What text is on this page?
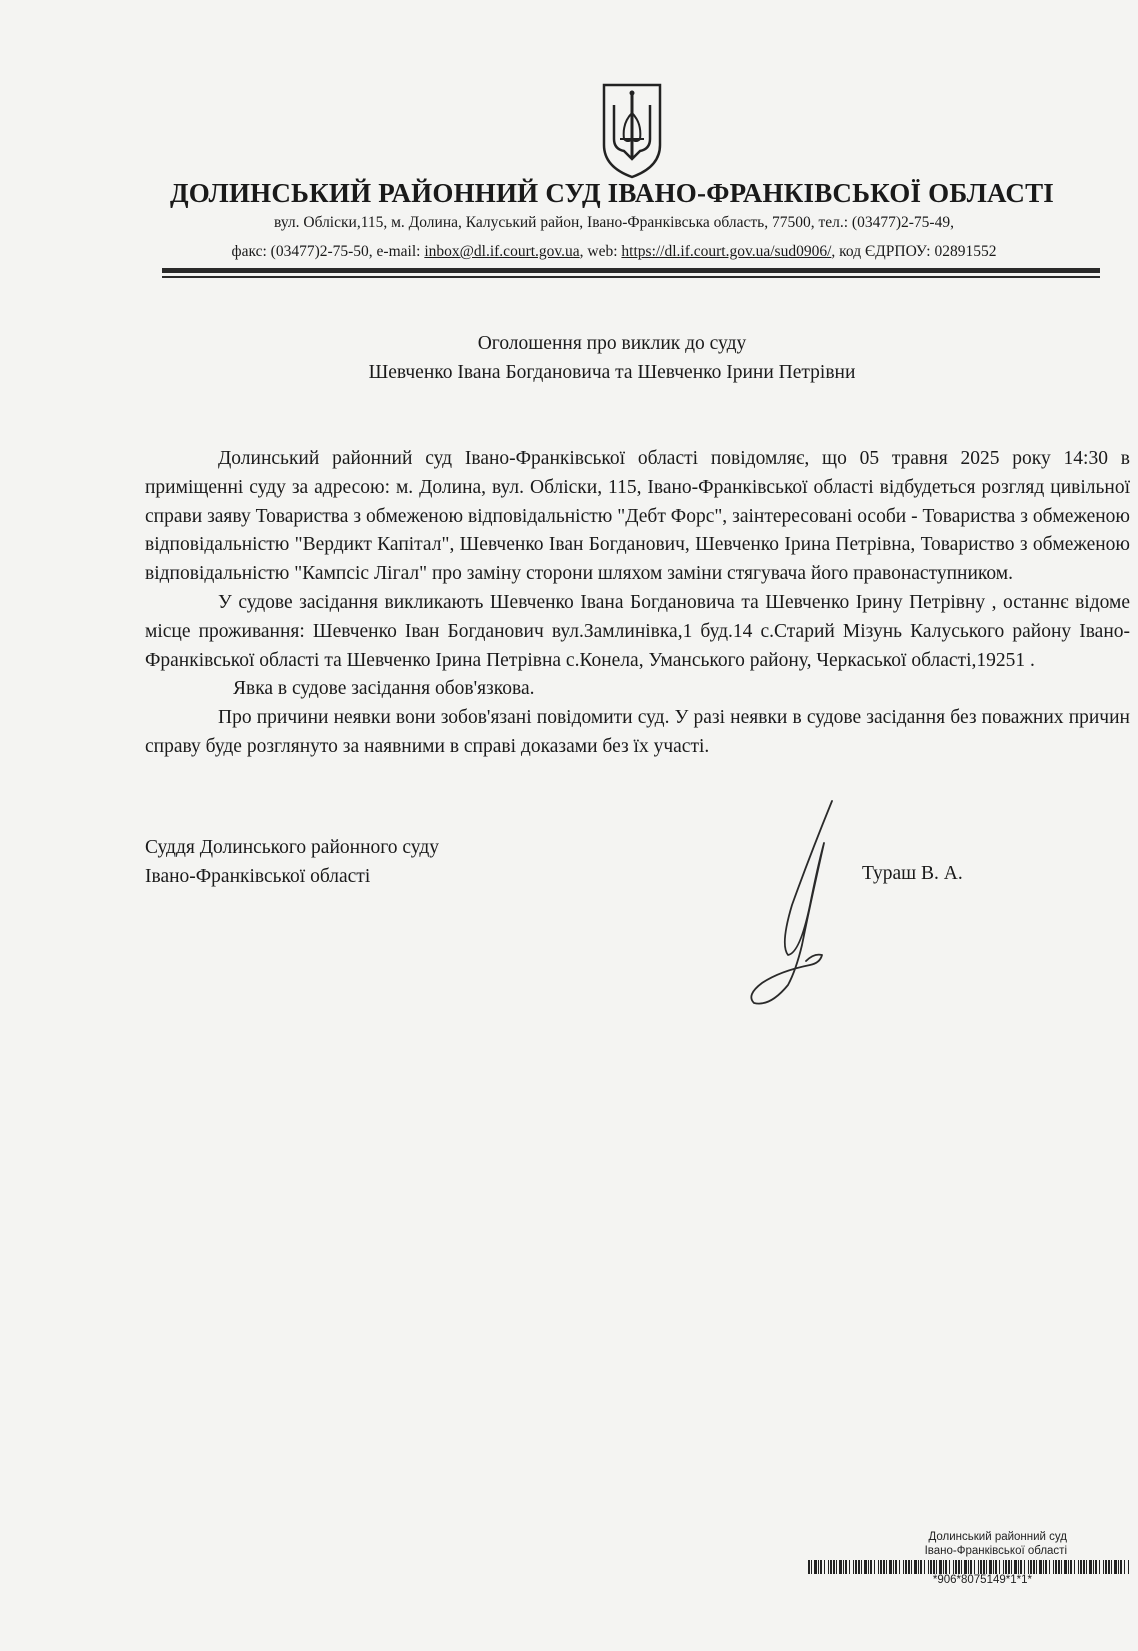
ДОЛИНСЬКИЙ РАЙОННИЙ СУД ІВАНО-ФРАНКІВСЬКОЇ ОБЛАСТІ
вул. Обліски,115, м. Долина, Калуський район, Івано-Франківська область, 77500, тел.: (03477)2-75-49,
факс: (03477)2-75-50, e-mail: inbox@dl.if.court.gov.ua, web: https://dl.if.court.gov.ua/sud0906/, код ЄДРПОУ: 02891552
Оголошення про виклик до суду
Шевченко Івана Богдановича та Шевченко Ірини Петрівни

Долинський районний суд Івано-Франківської області повідомляє, що 05 травня 2025 року 14:30 в приміщенні суду за адресою: м. Долина, вул. Обліски, 115, Івано-Франківської області відбудеться розгляд цивільної справи заяву Товариства з обмеженою відповідальністю "Дебт Форс", заінтересовані особи - Товариства з обмеженою відповідальністю "Вердикт Капітал", Шевченко Іван Богданович, Шевченко Ірина Петрівна, Товариство з обмеженою відповідальністю "Кампсіс Лігал" про заміну сторони шляхом заміни стягувача його правонаступником.

У судове засідання викликають Шевченко Івана Богдановича та Шевченко Ірину Петрівну , останнє відоме місце проживання: Шевченко Іван Богданович вул.Замлинівка,1 буд.14 с.Старий Мізунь Калуського району Івано-Франківської області та Шевченко Ірина Петрівна с.Конела, Уманського району, Черкаської області,19251 .

Явка в судове засідання обов'язкова.

Про причини неявки вони зобов'язані повідомити суд. У разі неявки в судове засідання без поважних причин справу буде розглянуто за наявними в справі доказами без їх участі.

Суддя Долинського районного суду
Івано-Франківської області	Тураш В. А.
Долинський районний суд
Івано-Франківської області
*906*8075149*1*1*
